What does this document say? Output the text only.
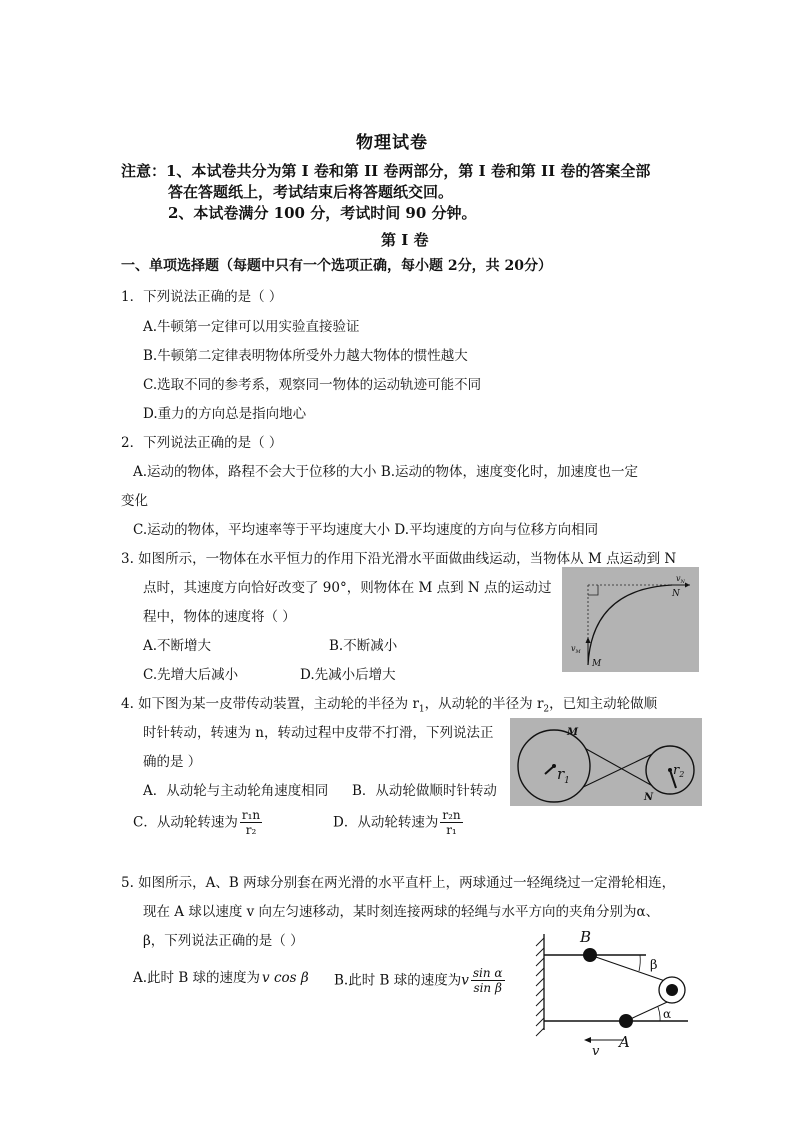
物理试卷
注意：1、本试卷共分为第 I 卷和第 II 卷两部分，第 I 卷和第 II 卷的答案全部
答在答题纸上，考试结束后将答题纸交回。
2、本试卷满分 100 分，考试时间 90 分钟。
第 I 卷
一、单项选择题（每题中只有一个选项正确，每小题 2分，共 20分）
1．下列说法正确的是（ ）
A.牛顿第一定律可以用实验直接验证
B.牛顿第二定律表明物体所受外力越大物体的惯性越大
C.选取不同的参考系，观察同一物体的运动轨迹可能不同
D.重力的方向总是指向地心
2．下列说法正确的是（ ）
A.运动的物体，路程不会大于位移的大小 B.运动的物体，速度变化时，加速度也一定
变化
C.运动的物体，平均速率等于平均速度大小 D.平均速度的方向与位移方向相同
3. 如图所示，一物体在水平恒力的作用下沿光滑水平面做曲线运动，当物体从 M 点运动到 N
点时，其速度方向恰好改变了 90°，则物体在 M 点到 N 点的运动过
程中，物体的速度将（ ）
A.不断增大	B.不断减小
C.先增大后减小	D.先减小后增大
$v_N$
N
$v_M$
M
4. 如下图为某一皮带传动装置，主动轮的半径为 $r_1$，从动轮的半径为 $r_2$，已知主动轮做顺
时针转动，转速为 n，转动过程中皮带不打滑，下列说法正
确的是 ）
A．从动轮与主动轮角速度相同 B．从动轮做顺时针转动
C．从动轮转速为 $\frac{\text{r₁n}}{\text{r₂}}$	D．从动轮转速为 $\frac{\text{r₂n}}{\text{r₁}}$
M
N
$r_1$
$r_2$
5. 如图所示，A、B 两球分别套在两光滑的水平直杆上，两球通过一轻绳绕过一定滑轮相连，
现在 A 球以速度 v 向左匀速移动，某时刻连接两球的轻绳与水平方向的夹角分别为α、
β，下列说法正确的是（ ）
A.此时 B 球的速度为 v cos β B.此时 B 球的速度为v $\frac{\text{sin α}}{\text{sin β}}$
B
A
β
α
v
